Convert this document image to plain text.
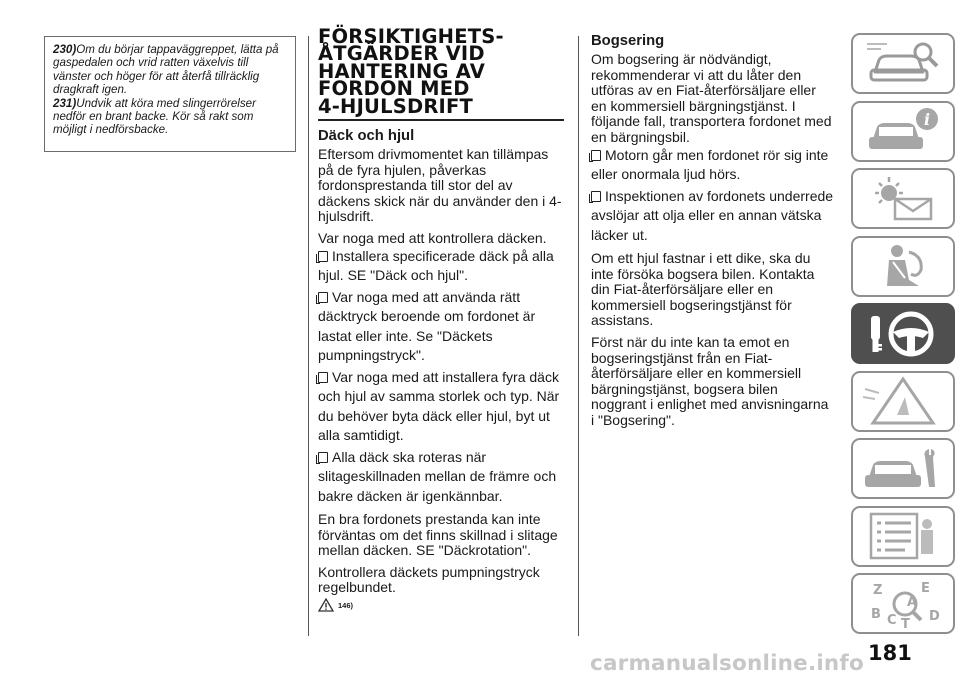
230)Om du börjar tappaväggreppet, lätta på gaspedalen och vrid ratten växelvis till vänster och höger för att återfå tillräcklig dragkraft igen.

231)Undvik att köra med slingerrörelser nedför en brant backe. Kör så rakt som möjligt i nedförsbacke.

FÖRSIKTIGHETS-
ÅTGÄRDER VID
HANTERING AV
FORDON MED
4-HJULSDRIFT
Däck och hjul

Eftersom drivmomentet kan tillämpas på de fyra hjulen, påverkas fordonsprestanda till stor del av däckens skick när du använder den i 4-hjulsdrift.

Var noga med att kontrollera däcken.

Installera specificerade däck på alla hjul. SE "Däck och hjul".
Var noga med att använda rätt däcktryck beroende om fordonet är lastat eller inte. Se "Däckets pumpningstryck".
Var noga med att installera fyra däck och hjul av samma storlek och typ. När du behöver byta däck eller hjul, byt ut alla samtidigt.
Alla däck ska roteras när slitageskillnaden mellan de främre och bakre däcken är igenkännbar.

En bra fordonets prestanda kan inte förväntas om det finns skillnad i slitage mellan däcken. SE "Däckrotation".

Kontrollera däckets pumpningstryck regelbundet.

146)
Bogsering

Om bogsering är nödvändigt, rekommenderar vi att du låter den utföras av en Fiat-återförsäljare eller en kommersiell bärgningstjänst. I följande fall, transportera fordonet med en bärgningsbil.

Motorn går men fordonet rör sig inte eller onormala ljud hörs.
Inspektionen av fordonets underrede avslöjar att olja eller en annan vätska läcker ut.

Om ett hjul fastnar i ett dike, ska du inte försöka bogsera bilen. Kontakta din Fiat-återförsäljare eller en kommersiell bogseringstjänst för assistans.

Först när du inte kan ta emot en bogseringstjänst från en Fiat-återförsäljare eller en kommersiell bärgningstjänst, bogsera bilen noggrant i enlighet med anvisningarna i "Bogsering".

i
Z	E
A
B C T
D
181
carmanualsonline.info
